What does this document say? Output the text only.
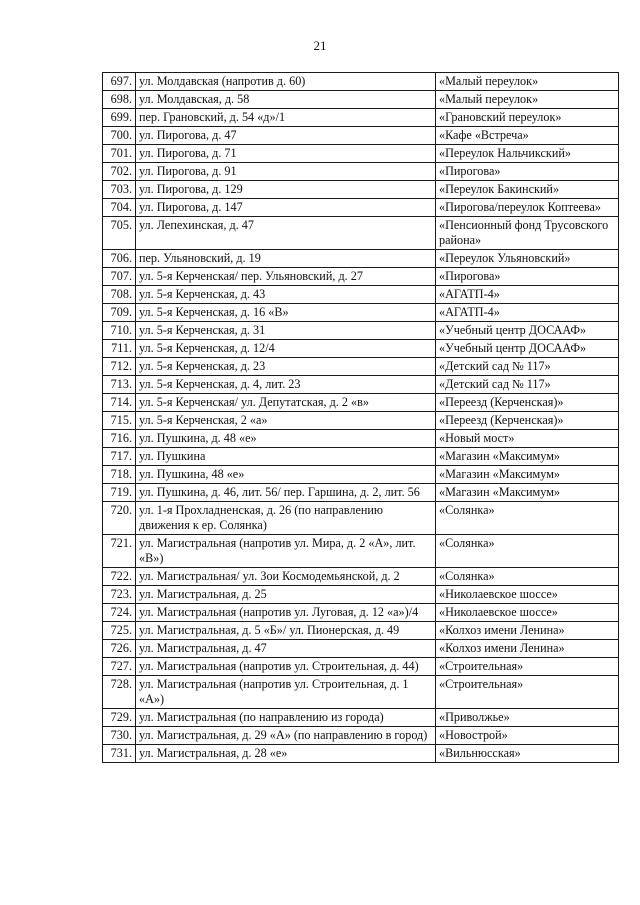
21
697.	ул. Молдавская (напротив д. 60)	«Малый переулок»
698.	ул. Молдавская, д. 58	«Малый переулок»
699.	пер. Грановский, д. 54 «д»/1	«Грановский переулок»
700.	ул. Пирогова, д. 47	«Кафе «Встреча»
701.	ул. Пирогова, д. 71	«Переулок Нальчикский»
702.	ул. Пирогова, д. 91	«Пирогова»
703.	ул. Пирогова, д. 129	«Переулок Бакинский»
704.	ул. Пирогова, д. 147	«Пирогова/переулок Коптеева»
705.	ул. Лепехинская, д. 47	«Пенсионный фонд Трусовского района»
706.	пер. Ульяновский, д. 19	«Переулок Ульяновский»
707.	ул. 5-я Керченская/ пер. Ульяновский, д. 27	«Пирогова»
708.	ул. 5-я Керченская, д. 43	«АГАТП-4»
709.	ул. 5-я Керченская, д. 16 «В»	«АГАТП-4»
710.	ул. 5-я Керченская, д. 31	«Учебный центр ДОСААФ»
711.	ул. 5-я Керченская, д. 12/4	«Учебный центр ДОСААФ»
712.	ул. 5-я Керченская, д. 23	«Детский сад № 117»
713.	ул. 5-я Керченская, д. 4, лит. 23	«Детский сад № 117»
714.	ул. 5-я Керченская/ ул. Депутатская, д. 2 «в»	«Переезд (Керченская)»
715.	ул. 5-я Керченская, 2 «а»	«Переезд (Керченская)»
716.	ул. Пушкина, д. 48 «е»	«Новый мост»
717.	ул. Пушкина	«Магазин «Максимум»
718.	ул. Пушкина, 48 «е»	«Магазин «Максимум»
719.	ул. Пушкина, д. 46, лит. 56/ пер. Гаршина, д. 2, лит. 56	«Магазин «Максимум»
720.	ул. 1-я Прохладненская, д. 26 (по направлению движения к ер. Солянка)	«Солянка»
721.	ул. Магистральная (напротив ул. Мира, д. 2 «А», лит. «В»)	«Солянка»
722.	ул. Магистральная/ ул. Зои Космодемьянской, д. 2	«Солянка»
723.	ул. Магистральная, д. 25	«Николаевское шоссе»
724.	ул. Магистральная (напротив ул. Луговая, д. 12 «а»)/4	«Николаевское шоссе»
725.	ул. Магистральная, д. 5 «Б»/ ул. Пионерская, д. 49	«Колхоз имени Ленина»
726.	ул. Магистральная, д. 47	«Колхоз имени Ленина»
727.	ул. Магистральная (напротив ул. Строительная, д. 44)	«Строительная»
728.	ул. Магистральная (напротив ул. Строительная, д. 1 «А»)	«Строительная»
729.	ул. Магистральная (по направлению из города)	«Приволжье»
730.	ул. Магистральная, д. 29 «А» (по направлению в город)	«Новострой»
731.	ул. Магистральная, д. 28 «е»	«Вильнюсская»
